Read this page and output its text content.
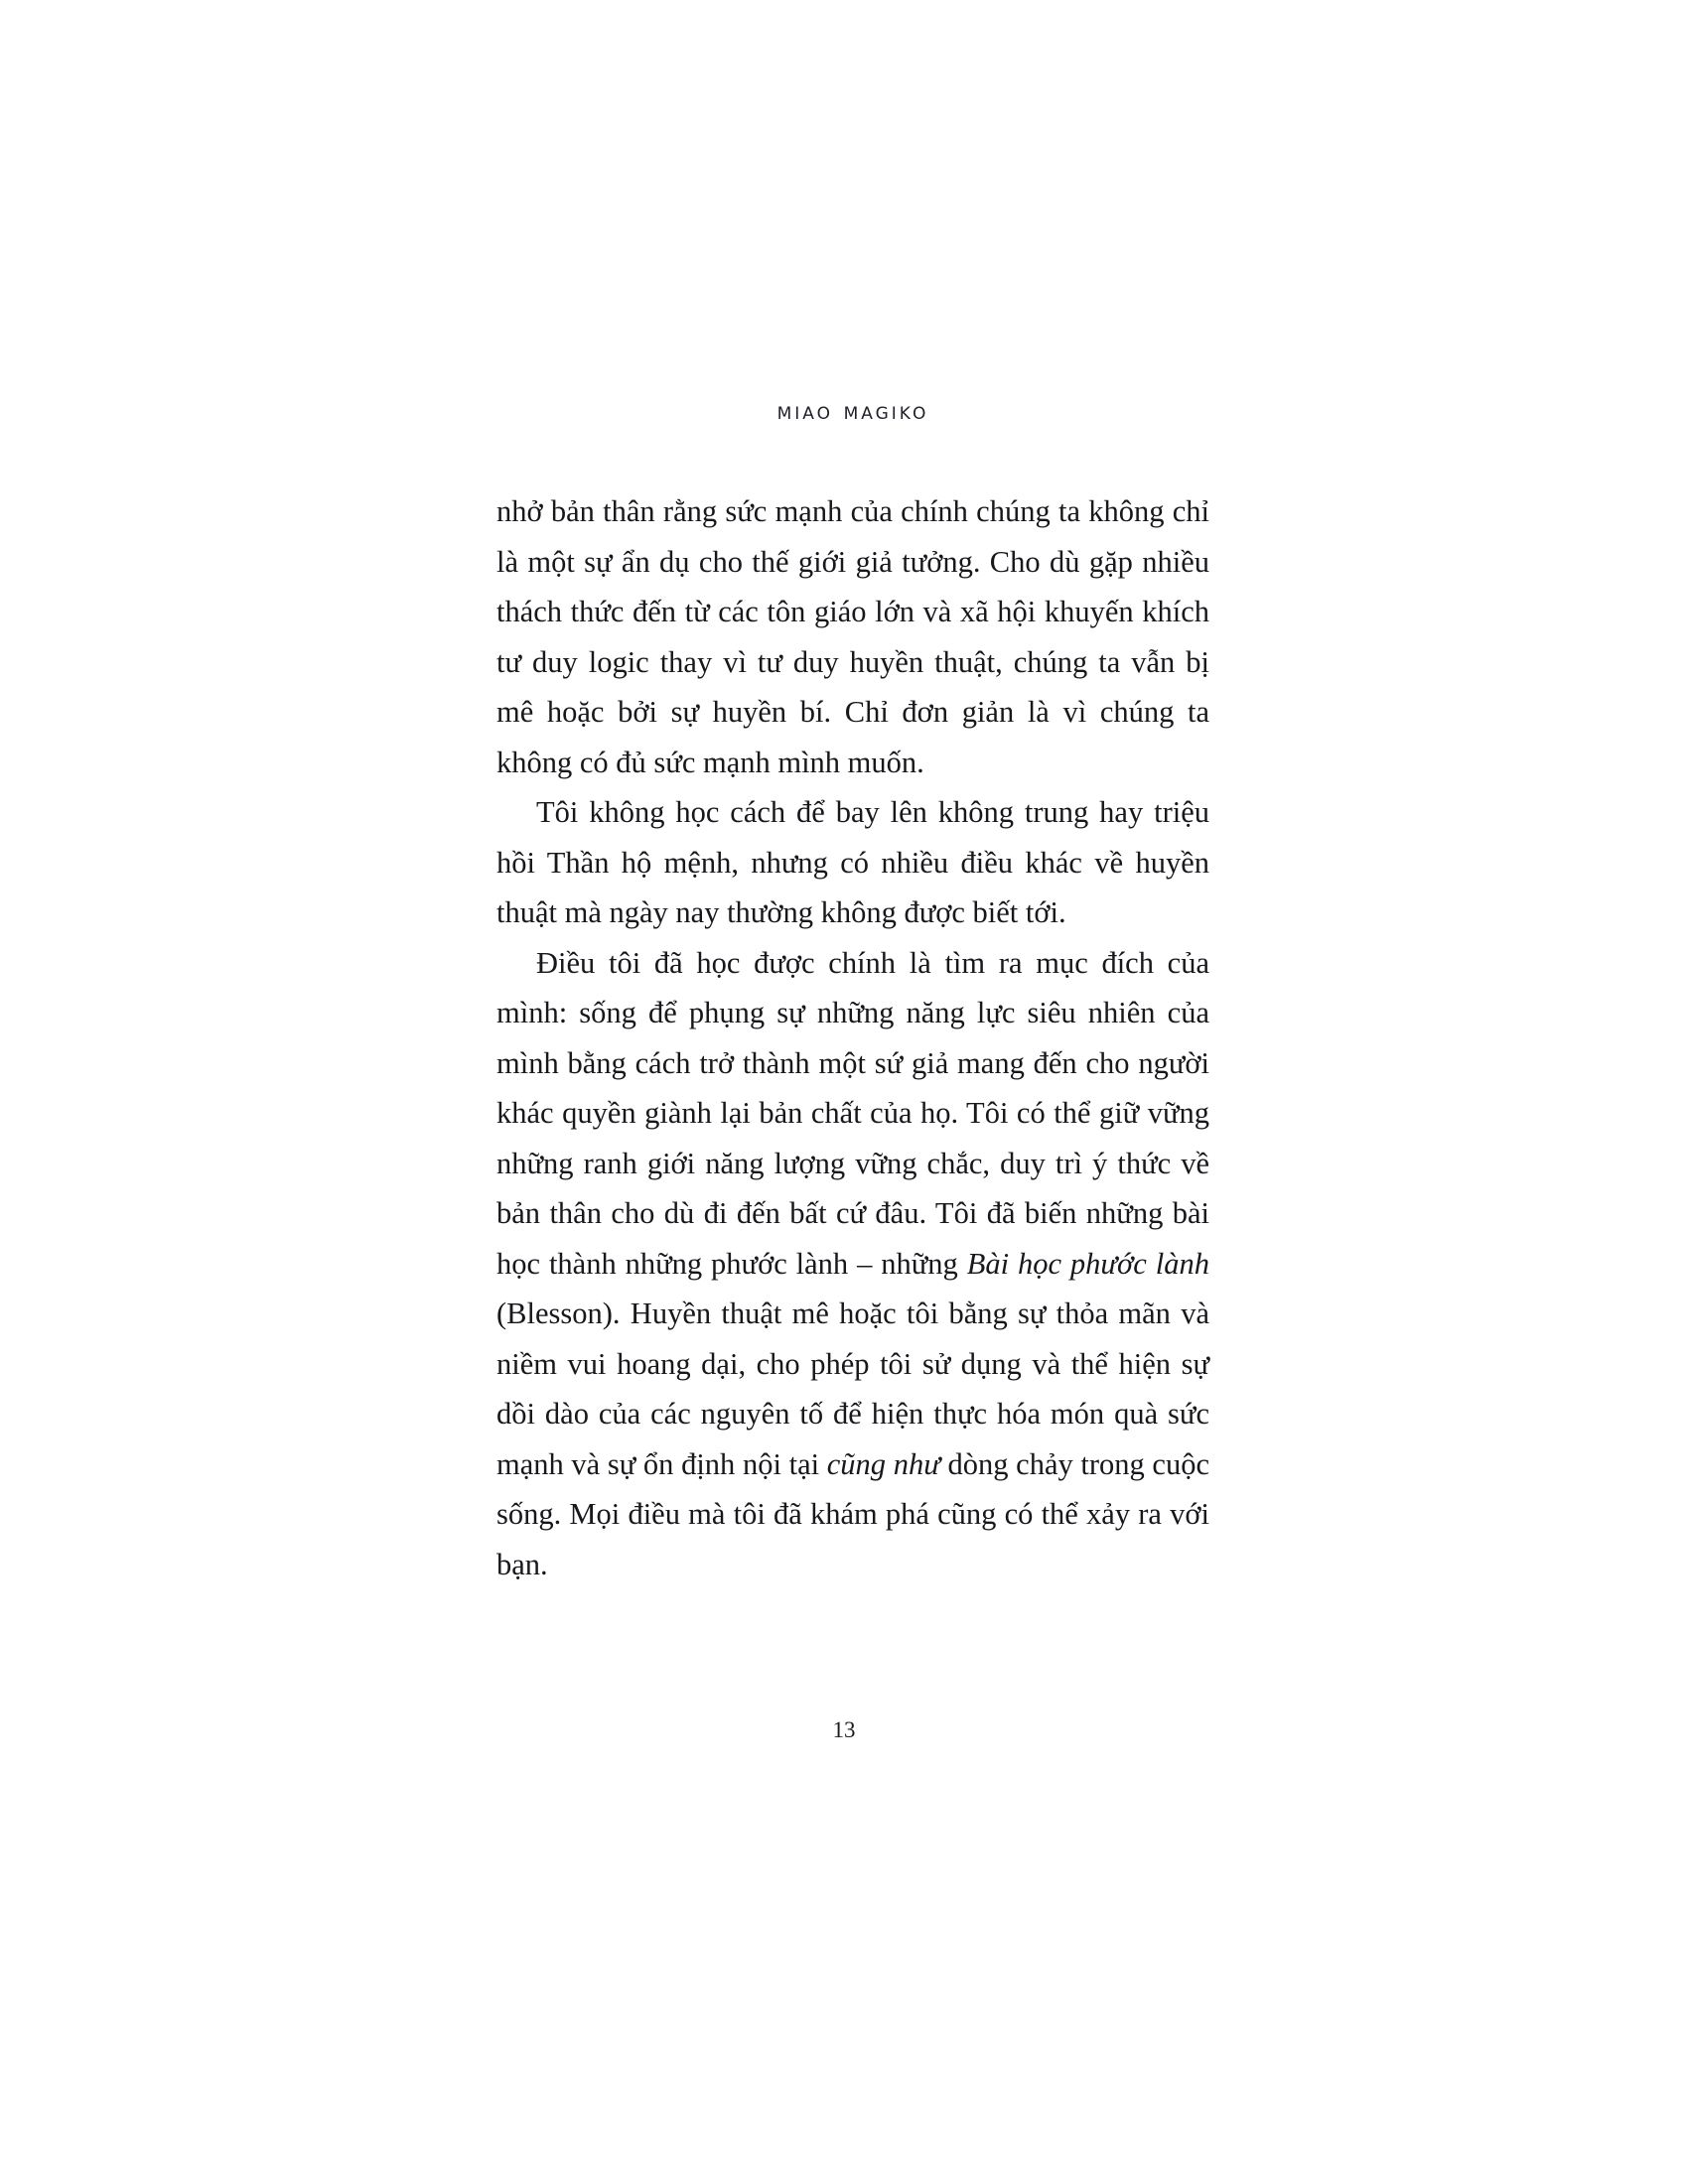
miao magiko

nhở bản thân rằng sức mạnh của chính chúng ta không chỉ là một sự ẩn dụ cho thế giới giả tưởng. Cho dù gặp nhiều thách thức đến từ các tôn giáo lớn và xã hội khuyến khích tư duy logic thay vì tư duy huyền thuật, chúng ta vẫn bị mê hoặc bởi sự huyền bí. Chỉ đơn giản là vì chúng ta không có đủ sức mạnh mình muốn.

Tôi không học cách để bay lên không trung hay triệu hồi Thần hộ mệnh, nhưng có nhiều điều khác về huyền thuật mà ngày nay thường không được biết tới.

Điều tôi đã học được chính là tìm ra mục đích của mình: sống để phụng sự những năng lực siêu nhiên của mình bằng cách trở thành một sứ giả mang đến cho người khác quyền giành lại bản chất của họ. Tôi có thể giữ vững những ranh giới năng lượng vững chắc, duy trì ý thức về bản thân cho dù đi đến bất cứ đâu. Tôi đã biến những bài học thành những phước lành – những Bài học phước lành (Blesson). Huyền thuật mê hoặc tôi bằng sự thỏa mãn và niềm vui hoang dại, cho phép tôi sử dụng và thể hiện sự dồi dào của các nguyên tố để hiện thực hóa món quà sức mạnh và sự ổn định nội tại cũng như dòng chảy trong cuộc sống. Mọi điều mà tôi đã khám phá cũng có thể xảy ra với bạn.

13
